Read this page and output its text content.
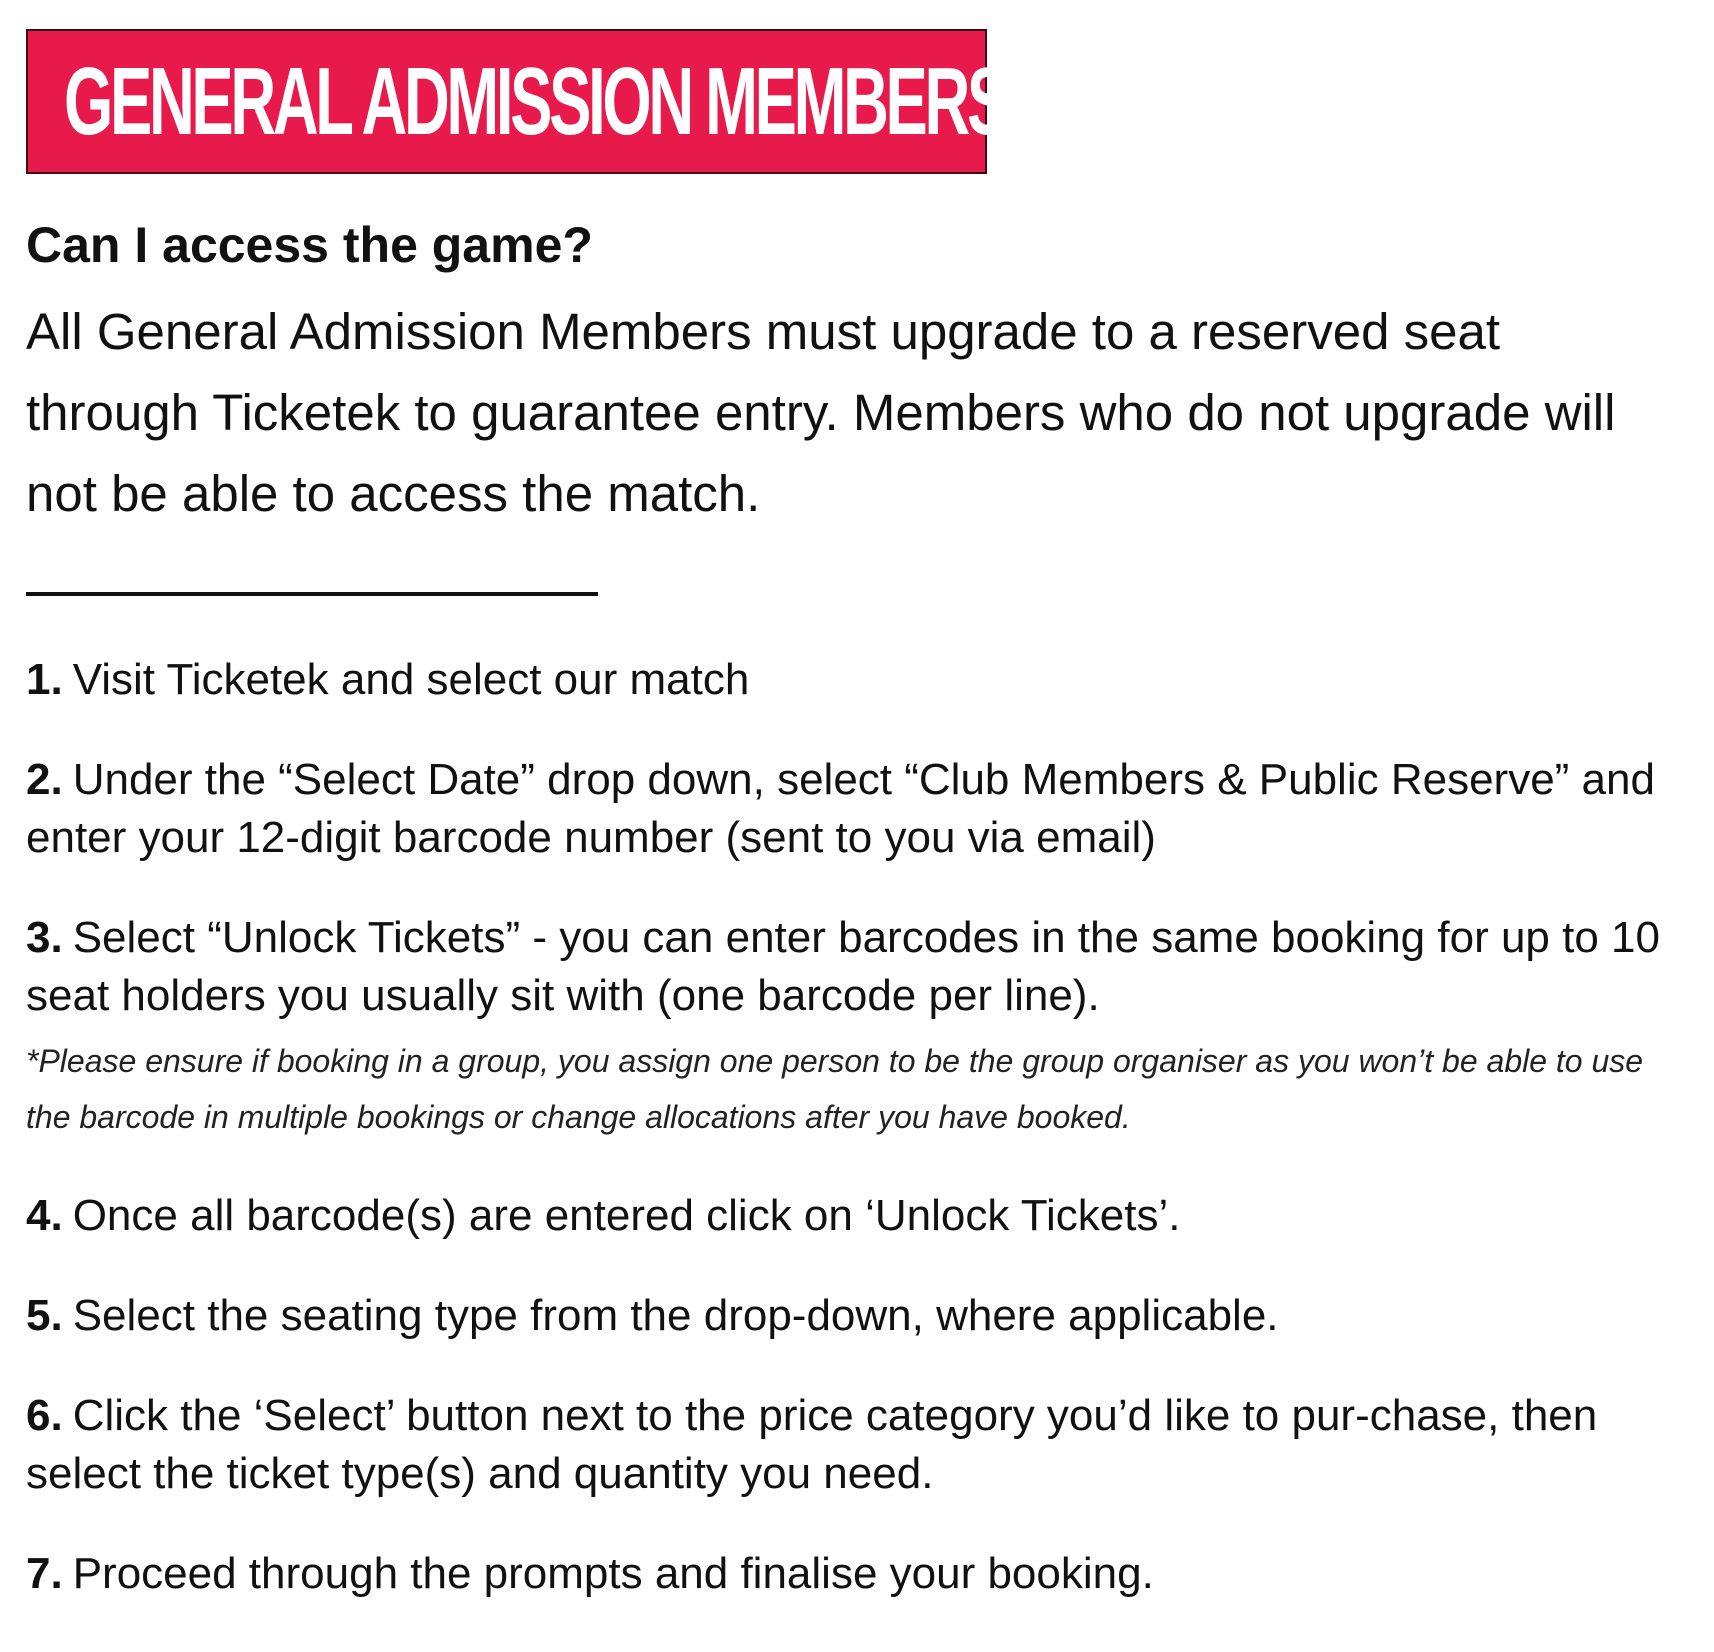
GENERAL ADMISSION MEMBERS:
Can I access the game?
All General Admission Members must upgrade to a reserved seat through Ticketek to guarantee entry. Members who do not upgrade will not be able to access the match.
1. Visit Ticketek and select our match
2. Under the “Select Date” drop down, select “Club Members & Public Reserve” and enter your 12-digit barcode number (sent to you via email)
3. Select “Unlock Tickets” - you can enter barcodes in the same booking for up to 10 seat holders you usually sit with (one barcode per line).
*Please ensure if booking in a group, you assign one person to be the group organiser as you won’t be able to use the barcode in multiple bookings or change allocations after you have booked.
4. Once all barcode(s) are entered click on ‘Unlock Tickets’.
5. Select the seating type from the drop-down, where applicable.
6. Click the ‘Select’ button next to the price category you’d like to pur-chase, then select the ticket type(s) and quantity you need.
7. Proceed through the prompts and finalise your booking.
